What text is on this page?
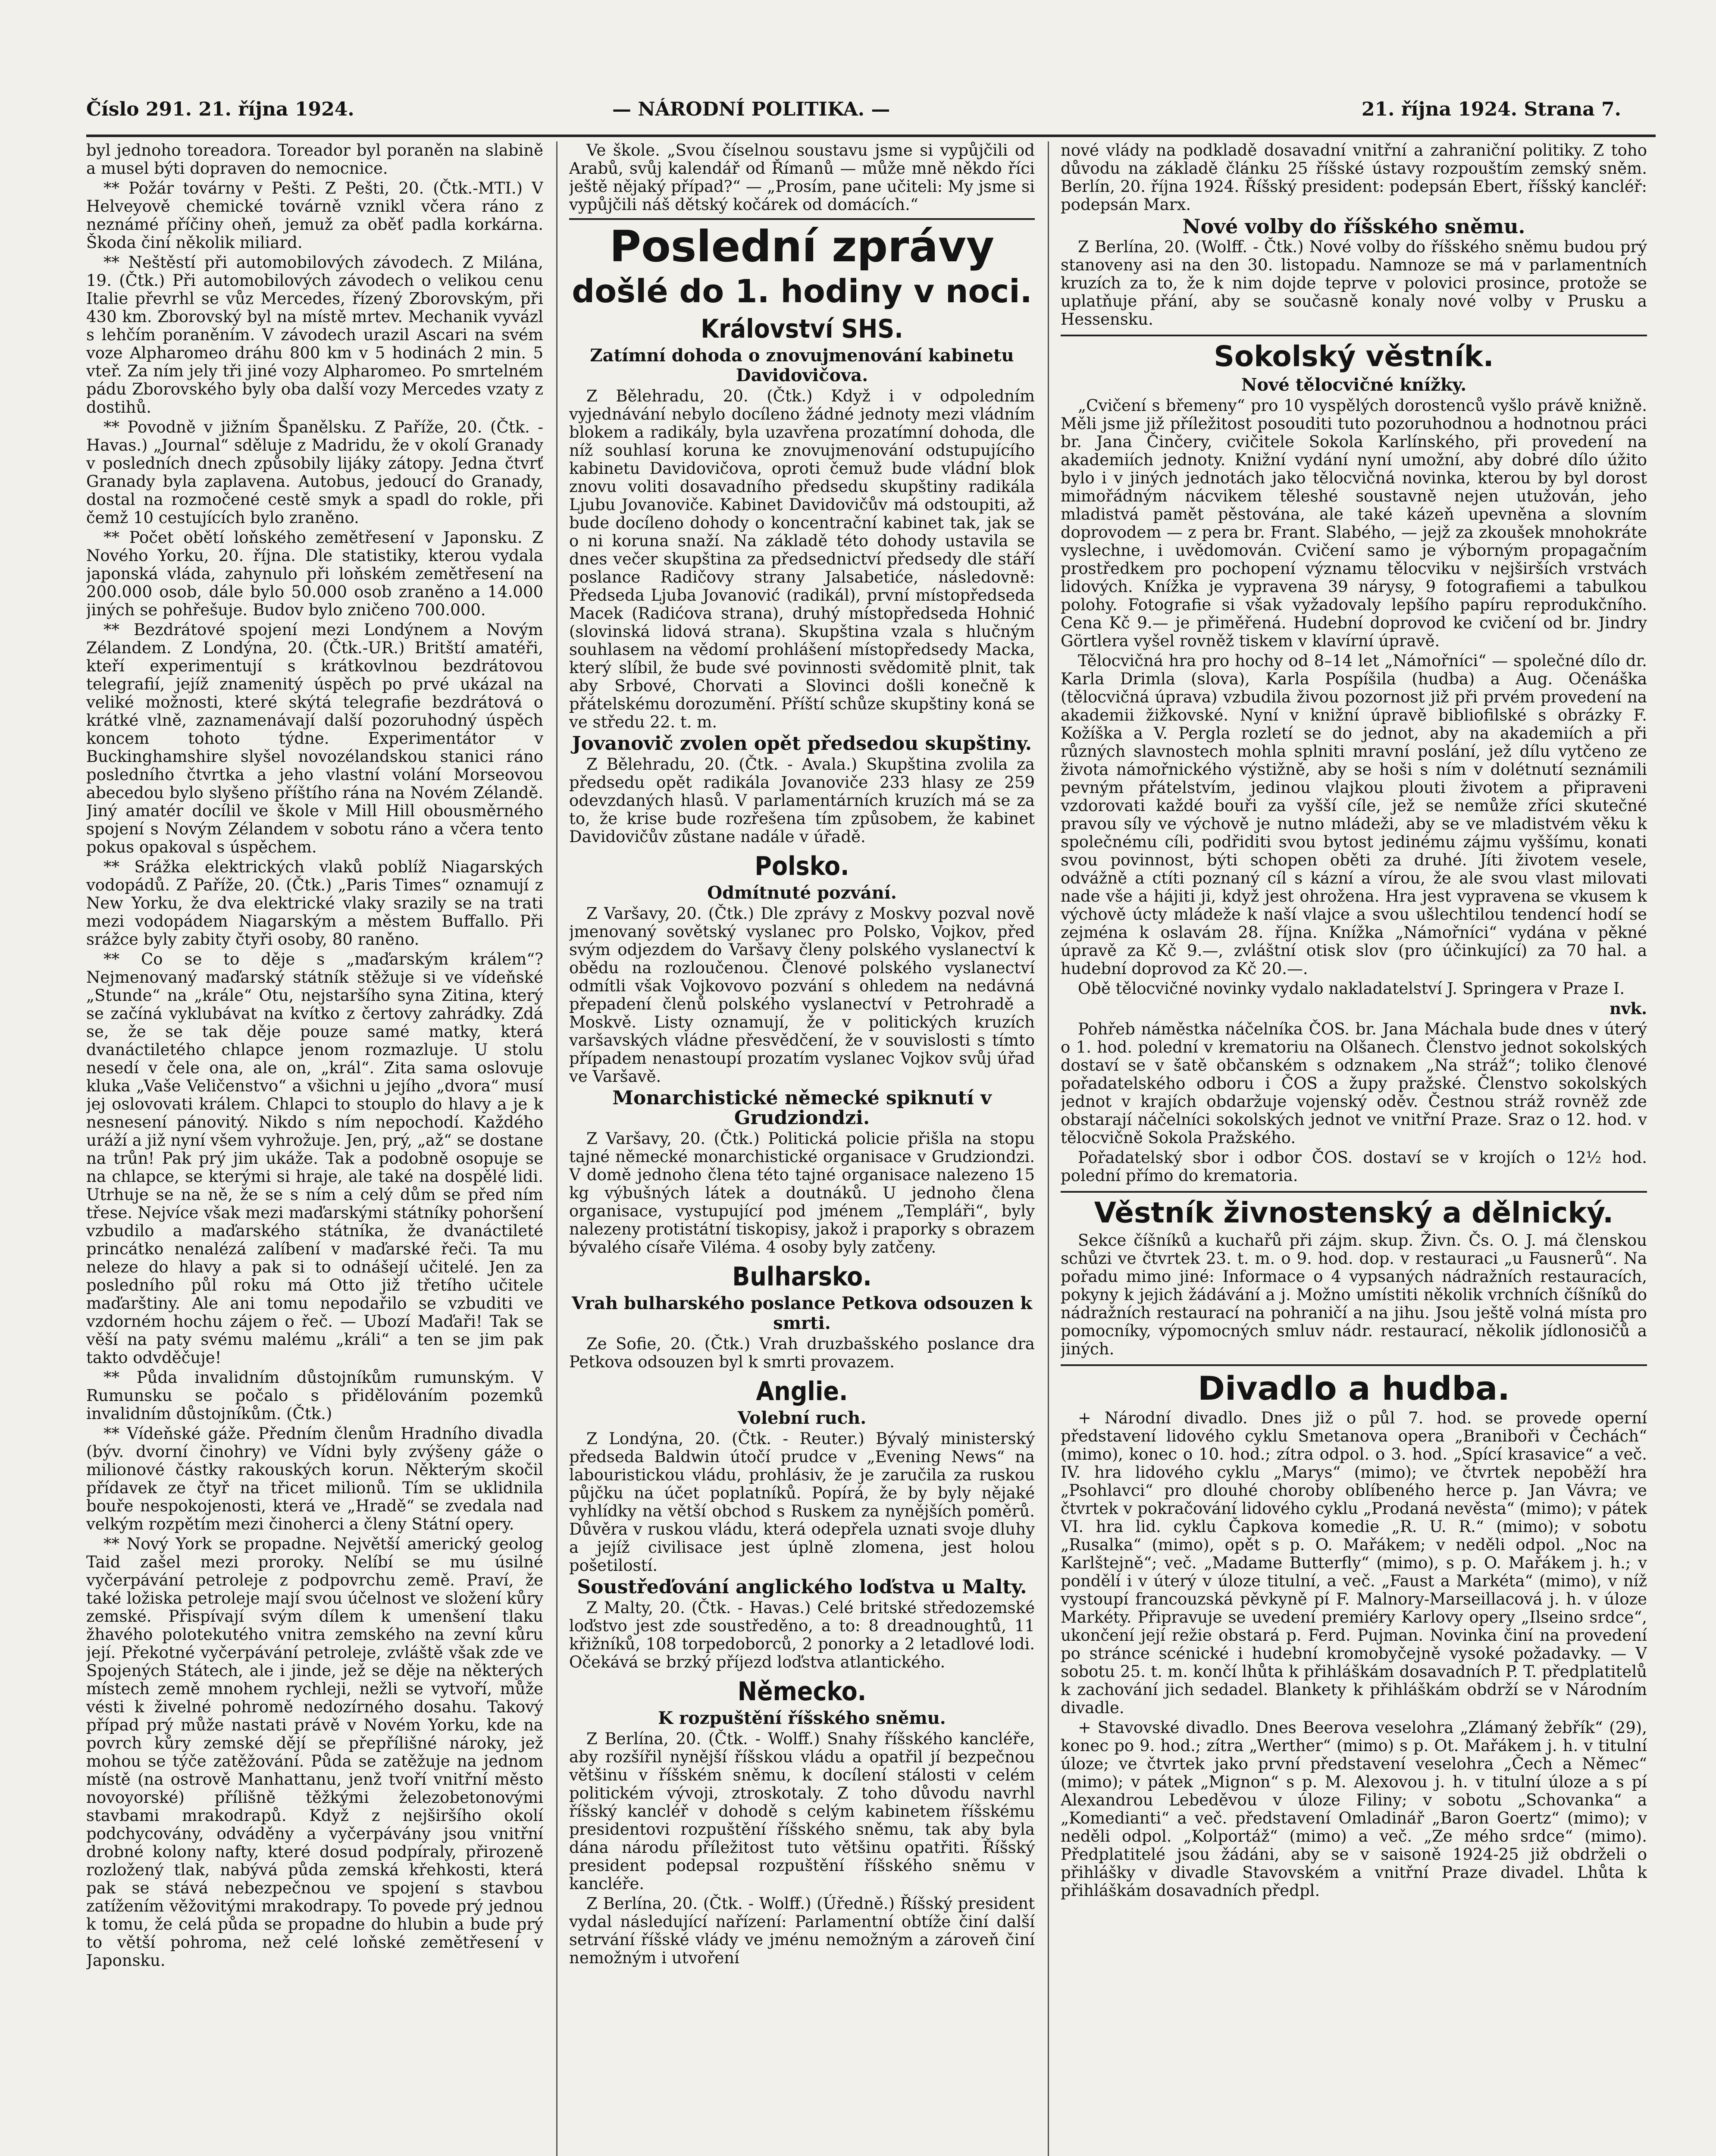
Číslo 291. 21. října 1924.	— NÁRODNÍ POLITIKA. —	21. října 1924. Strana 7.

byl jednoho toreadora. Toreador byl poraněn na slabině a musel býti dopraven do nemocnice.

** Požár továrny v Pešti. Z Pešti, 20. (Čtk.-MTI.) V Helveyově chemické továrně vznikl včera ráno z neznámé příčiny oheň, jemuž za oběť padla korkárna. Škoda činí několik miliard.

** Neštěstí při automobilových závodech. Z Milána, 19. (Čtk.) Při automobilových závodech o velikou cenu Italie převrhl se vůz Mercedes, řízený Zborovským, při 430 km. Zborovský byl na místě mrtev. Mechanik vyvázl s lehčím poraněním. V závodech urazil Ascari na svém voze Alpharomeo dráhu 800 km v 5 hodinách 2 min. 5 vteř. Za ním jely tři jiné vozy Alpharomeo. Po smrtelném pádu Zborovského byly oba další vozy Mercedes vzaty z dostihů.

** Povodně v jižním Španělsku. Z Paříže, 20. (Čtk. - Havas.) „Journal“ sděluje z Madridu, že v okolí Granady v posledních dnech způsobily lijáky zátopy. Jedna čtvrť Granady byla zaplavena. Autobus, jedoucí do Granady, dostal na rozmočené cestě smyk a spadl do rokle, při čemž 10 cestujících bylo zraněno.

** Počet obětí loňského zemětřesení v Japonsku. Z Nového Yorku, 20. října. Dle statistiky, kterou vydala japonská vláda, zahynulo při loňském zemětřesení na 200.000 osob, dále bylo 50.000 osob zraněno a 14.000 jiných se pohřešuje. Budov bylo zničeno 700.000.

** Bezdrátové spojení mezi Londýnem a Novým Zélandem. Z Londýna, 20. (Čtk.-UR.) Britští amatéři, kteří experimentují s krátkovlnou bezdrátovou telegrafií, jejíž znamenitý úspěch po prvé ukázal na veliké možnosti, které skýtá telegrafie bezdrátová o krátké vlně, zaznamenávají další pozoruhodný úspěch koncem tohoto týdne. Experimentátor v Buckinghamshire slyšel novozélandskou stanici ráno posledního čtvrtka a jeho vlastní volání Morseovou abecedou bylo slyšeno příštího rána na Novém Zélandě. Jiný amatér docílil ve škole v Mill Hill obousměrného spojení s Novým Zélandem v sobotu ráno a včera tento pokus opakoval s úspěchem.

** Srážka elektrických vlaků poblíž Niagarských vodopádů. Z Paříže, 20. (Čtk.) „Paris Times“ oznamují z New Yorku, že dva elektrické vlaky srazily se na trati mezi vodopádem Niagarským a městem Buffallo. Při srážce byly zabity čtyři osoby, 80 raněno.

** Co se to děje s „maďarským králem“? Nejmenovaný maďarský státník stěžuje si ve vídeňské „Stunde“ na „krále“ Otu, nejstaršího syna Zitina, který se začíná vyklubávat na kvítko z čertovy zahrádky. Zdá se, že se tak děje pouze samé matky, která dvanáctiletého chlapce jenom rozmazluje. U stolu nesedí v čele ona, ale on, „král“. Zita sama oslovuje kluka „Vaše Veličenstvo“ a všichni u jejího „dvora“ musí jej oslovovati králem. Chlapci to stouplo do hlavy a je k nesnesení pánovitý. Nikdo s ním nepochodí. Každého uráží a již nyní všem vyhrožuje. Jen, prý, „až“ se dostane na trůn! Pak prý jim ukáže. Tak a podobně osopuje se na chlapce, se kterými si hraje, ale také na dospělé lidi. Utrhuje se na ně, že se s ním a celý dům se před ním třese. Nejvíce však mezi maďarskými státníky pohoršení vzbudilo a maďarského státníka, že dvanáctileté princátko nenalézá zalíbení v maďarské řeči. Ta mu neleze do hlavy a pak si to odnášejí učitelé. Jen za posledního půl roku má Otto již třetího učitele maďarštiny. Ale ani tomu nepodařilo se vzbuditi ve vzdorném hochu zájem o řeč. — Ubozí Maďaři! Tak se věší na paty svému malému „králi“ a ten se jim pak takto odvděčuje!

** Půda invalidním důstojníkům rumunským. V Rumunsku se počalo s přidělováním pozemků invalidním důstojníkům. (Čtk.)

** Vídeňské gáže. Předním členům Hradního divadla (býv. dvorní činohry) ve Vídni byly zvýšeny gáže o milionové částky rakouských korun. Některým skočil přídavek ze čtyř na třicet milionů. Tím se uklidnila bouře nespokojenosti, která ve „Hradě“ se zvedala nad velkým rozpětím mezi činoherci a členy Státní opery.

** Nový York se propadne. Největší americký geolog Taid zašel mezi proroky. Nelíbí se mu úsilné vyčerpávání petroleje z podpovrchu země. Praví, že také ložiska petroleje mají svou účelnost ve složení kůry zemské. Přispívají svým dílem k umenšení tlaku žhavého polotekutého vnitra zemského na zevní kůru její. Překotné vyčerpávání petroleje, zvláště však zde ve Spojených Státech, ale i jinde, jež se děje na některých místech země mnohem rychleji, nežli se vytvoří, může vésti k živelné pohromě nedozírného dosahu. Takový případ prý může nastati právě v Novém Yorku, kde na povrch kůry zemské dějí se přepřílišné nároky, jež mohou se týče zatěžování. Půda se zatěžuje na jednom místě (na ostrově Manhattanu, jenž tvoří vnitřní město novoyorské) přílišně těžkými železobetonovými stavbami mrakodrapů. Když z nejširšího okolí podchycovány, odváděny a vyčerpávány jsou vnitřní drobné kolony nafty, které dosud podpíraly, přirozeně rozložený tlak, nabývá půda zemská křehkosti, která pak se stává nebezpečnou ve spojení s stavbou zatížením věžovitými mrakodrapy. To povede prý jednou k tomu, že celá půda se propadne do hlubin a bude prý to větší pohroma, než celé loňské zemětřesení v Japonsku.

Ve škole. „Svou číselnou soustavu jsme si vypůjčili od Arabů, svůj kalendář od Římanů — může mně někdo říci ještě nějaký případ?“ — „Prosím, pane učiteli: My jsme si vypůjčili náš dětský kočárek od domácích.“

Poslední zprávy
došlé do 1. hodiny v noci.
Království SHS.
Zatímní dohoda o znovujmenování kabinetu Davidovičova.

Z Bělehradu, 20. (Čtk.) Když i v odpoledním vyjednávání nebylo docíleno žádné jednoty mezi vládním blokem a radikály, byla uzavřena prozatímní dohoda, dle níž souhlasí koruna ke znovujmenování odstupujícího kabinetu Davidovičova, oproti čemuž bude vládní blok znovu voliti dosavadního předsedu skupštiny radikála Ljubu Jovanoviče. Kabinet Davidovičův má odstoupiti, až bude docíleno dohody o koncentrační kabinet tak, jak se o ni koruna snaží. Na základě této dohody ustavila se dnes večer skupština za předsednictví předsedy dle stáří poslance Radičovy strany Jalsabetiće, následovně: Předseda Ljuba Jovanović (radikál), první místopředseda Macek (Radićova strana), druhý místopředseda Hohnić (slovinská lidová strana). Skupština vzala s hlučným souhlasem na vědomí prohlášení místopředsedy Macka, který slíbil, že bude své povinnosti svědomitě plnit, tak aby Srbové, Chorvati a Slovinci došli konečně k přátelskému dorozumění. Příští schůze skupštiny koná se ve středu 22. t. m.

Jovanovič zvolen opět předsedou skupštiny.

Z Bělehradu, 20. (Čtk. - Avala.) Skupština zvolila za předsedu opět radikála Jovanoviče 233 hlasy ze 259 odevzdaných hlasů. V parlamentárních kruzích má se za to, že krise bude rozřešena tím způsobem, že kabinet Davidovičův zůstane nadále v úřadě.

Polsko.
Odmítnuté pozvání.

Z Varšavy, 20. (Čtk.) Dle zprávy z Moskvy pozval nově jmenovaný sovětský vyslanec pro Polsko, Vojkov, před svým odjezdem do Varšavy členy polského vyslanectví k obědu na rozloučenou. Členové polského vyslanectví odmítli však Vojkovovo pozvání s ohledem na nedávná přepadení členů polského vyslanectví v Petrohradě a Moskvě. Listy oznamují, že v politických kruzích varšavských vládne přesvědčení, že v souvislosti s tímto případem nenastoupí prozatím vyslanec Vojkov svůj úřad ve Varšavě.

Monarchistické německé spiknutí v Grudziondzi.

Z Varšavy, 20. (Čtk.) Politická policie přišla na stopu tajné německé monarchistické organisace v Grudziondzi. V domě jednoho člena této tajné organisace nalezeno 15 kg výbušných látek a doutnáků. U jednoho člena organisace, vystupující pod jménem „Templáři“, byly nalezeny protistátní tiskopisy, jakož i praporky s obrazem bývalého císaře Viléma. 4 osoby byly zatčeny.

Bulharsko.
Vrah bulharského poslance Petkova odsouzen k smrti.

Ze Sofie, 20. (Čtk.) Vrah druzbašského poslance dra Petkova odsouzen byl k smrti provazem.

Anglie.
Volební ruch.

Z Londýna, 20. (Čtk. - Reuter.) Bývalý ministerský předseda Baldwin útočí prudce v „Evening News“ na labouristickou vládu, prohlásiv, že je zaručila za ruskou půjčku na účet poplatníků. Popírá, že by byly nějaké vyhlídky na větší obchod s Ruskem za nynějších poměrů. Důvěra v ruskou vládu, která odepřela uznati svoje dluhy a jejíž civilisace jest úplně zlomena, jest holou pošetilostí.

Soustřeďování anglického loďstva u Malty.

Z Malty, 20. (Čtk. - Havas.) Celé britské středozemské loďstvo jest zde soustředěno, a to: 8 dreadnoughtů, 11 křižníků, 108 torpedoborců, 2 ponorky a 2 letadlové lodi. Očekává se brzký příjezd loďstva atlantického.

Německo.
K rozpuštění říšského sněmu.

Z Berlína, 20. (Čtk. - Wolff.) Snahy říšského kancléře, aby rozšířil nynější říšskou vládu a opatřil jí bezpečnou většinu v říšském sněmu, k docílení stálosti v celém politickém vývoji, ztroskotaly. Z toho důvodu navrhl říšský kancléř v dohodě s celým kabinetem říšskému presidentovi rozpuštění říšského sněmu, tak aby byla dána národu příležitost tuto většinu opatřiti. Říšský president podepsal rozpuštění říšského sněmu v kancléře.

Z Berlína, 20. (Čtk. - Wolff.) (Úředně.) Říšský president vydal následující nařízení: Parlamentní obtíže činí další setrvání říšské vlády ve jménu nemožným a zároveň činí nemožným i utvoření

nové vlády na podkladě dosavadní vnitřní a zahraniční politiky. Z toho důvodu na základě článku 25 říšské ústavy rozpouštím zemský sněm. Berlín, 20. října 1924. Říšský president: podepsán Ebert, říšský kancléř: podepsán Marx.

Nové volby do říšského sněmu.

Z Berlína, 20. (Wolff. - Čtk.) Nové volby do říšského sněmu budou prý stanoveny asi na den 30. listopadu. Namnoze se má v parlamentních kruzích za to, že k nim dojde teprve v polovici prosince, protože se uplatňuje přání, aby se současně konaly nové volby v Prusku a Hessensku.

Sokolský věstník.
Nové tělocvičné knížky.

„Cvičení s břemeny“ pro 10 vyspělých dorostenců vyšlo právě knižně. Měli jsme již příležitost posouditi tuto pozoruhodnou a hodnotnou práci br. Jana Činčery, cvičitele Sokola Karlínského, při provedení na akademiích jednoty. Knižní vydání nyní umožní, aby dobré dílo úžito bylo i v jiných jednotách jako tělocvičná novinka, kterou by byl dorost mimořádným nácvikem těleshé soustavně nejen utužován, jeho mladistvá pamět pěstována, ale také kázeň upevněna a slovním doprovodem — z pera br. Frant. Slabého, — jejž za zkoušek mnohokráte vyslechne, i uvědomován. Cvičení samo je výborným propagačním prostředkem pro pochopení významu tělocviku v nejširších vrstvách lidových. Knížka je vypravena 39 nárysy, 9 fotografiemi a tabulkou polohy. Fotografie si však vyžadovaly lepšího papíru reprodukčního. Cena Kč 9.— je přiměřená. Hudební doprovod ke cvičení od br. Jindry Görtlera vyšel rovněž tiskem v klavírní úpravě.

Tělocvičná hra pro hochy od 8–14 let „Námořníci“ — společné dílo dr. Karla Drimla (slova), Karla Pospíšila (hudba) a Aug. Očenáška (tělocvičná úprava) vzbudila živou pozornost již při prvém provedení na akademii žižkovské. Nyní v knižní úpravě bibliofilské s obrázky F. Kožíška a V. Pergla rozletí se do jednot, aby na akademiích a při různých slavnostech mohla splniti mravní poslání, jež dílu vytčeno ze života námořnického výstižně, aby se hoši s ním v dolétnutí seznámili pevným přátelstvím, jedinou vlajkou plouti životem a připraveni vzdorovati každé bouři za vyšší cíle, jež se nemůže zříci skutečné pravou síly ve výchově je nutno mládeži, aby se ve mladistvém věku k společnému cíli, podřiditi svou bytost jedinému zájmu vyššímu, konati svou povinnost, býti schopen oběti za druhé. Jíti životem vesele, odvážně a ctíti poznaný cíl s kázní a vírou, že ale svou vlast milovati nade vše a hájiti ji, když jest ohrožena. Hra jest vypravena se vkusem k výchově úcty mládeže k naší vlajce a svou ušlechtilou tendencí hodí se zejména k oslavám 28. října. Knížka „Námořníci“ vydána v pěkné úpravě za Kč 9.—, zvláštní otisk slov (pro účinkující) za 70 hal. a hudební doprovod za Kč 20.—.

Obě tělocvičné novinky vydalo nakladatelství J. Springera v Praze I.

nvk.

Pohřeb náměstka náčelníka ČOS. br. Jana Máchala bude dnes v úterý o 1. hod. polední v krematoriu na Olšanech. Členstvo jednot sokolských dostaví se v šatě občanském s odznakem „Na stráž“; toliko členové pořadatelského odboru i ČOS a župy pražské. Členstvo sokolských jednot v krajích obdaržuje vojenský oděv. Čestnou stráž rovněž zde obstarají náčelníci sokolských jednot ve vnitřní Praze. Sraz o 12. hod. v tělocvičně Sokola Pražského.

Pořadatelský sbor i odbor ČOS. dostaví se v krojích o 12½ hod. polední přímo do krematoria.

Věstník živnostenský a dělnický.

Sekce číšníků a kuchařů při zájm. skup. Živn. Čs. O. J. má členskou schůzi ve čtvrtek 23. t. m. o 9. hod. dop. v restauraci „u Fausnerů“. Na pořadu mimo jiné: Informace o 4 vypsaných nádražních restauracích, pokyny k jejich žádávání a j. Možno umístiti několik vrchních číšníků do nádražních restaurací na pohraničí a na jihu. Jsou ještě volná místa pro pomocníky, výpomocných smluv nádr. restaurací, několik jídlonosičů a jiných.

Divadlo a hudba.

+ Národní divadlo. Dnes již o půl 7. hod. se provede operní představení lidového cyklu Smetanova opera „Braniboři v Čechách“ (mimo), konec o 10. hod.; zítra odpol. o 3. hod. „Spící krasavice“ a več. IV. hra lidového cyklu „Marys“ (mimo); ve čtvrtek nepoběží hra „Psohlavci“ pro dlouhé choroby oblíbeného herce p. Jan Vávra; ve čtvrtek v pokračování lidového cyklu „Prodaná nevěsta“ (mimo); v pátek VI. hra lid. cyklu Čapkova komedie „R. U. R.“ (mimo); v sobotu „Rusalka“ (mimo), opět s p. O. Mařákem; v neděli odpol. „Noc na Karlštejně“; več. „Madame Butterfly“ (mimo), s p. O. Mařákem j. h.; v pondělí i v úterý v úloze titulní, a več. „Faust a Markéta“ (mimo), v níž vystoupí francouzská pěvkyně pí F. Malnory-Marseillacová j. h. v úloze Markéty. Připravuje se uvedení premiéry Karlovy opery „Ilseino srdce“, ukončení její režie obstará p. Ferd. Pujman. Novinka činí na provedení po stránce scénické i hudební kromobyčejně vysoké požadavky. — V sobotu 25. t. m. končí lhůta k přihláškám dosavadních P. T. předplatitelů k zachování jich sedadel. Blankety k přihláškám obdrží se v Národním divadle.

+ Stavovské divadlo. Dnes Beerova veselohra „Zlámaný žebřík“ (29), konec po 9. hod.; zítra „Werther“ (mimo) s p. Ot. Mařákem j. h. v titulní úloze; ve čtvrtek jako první představení veselohra „Čech a Němec“ (mimo); v pátek „Mignon“ s p. M. Alexovou j. h. v titulní úloze a s pí Alexandrou Lebeděvou v úloze Filiny; v sobotu „Schovanka“ a „Komedianti“ a več. představení Omladinář „Baron Goertz“ (mimo); v neděli odpol. „Kolportáž“ (mimo) a več. „Ze mého srdce“ (mimo). Předplatitelé jsou žádáni, aby se v saisoně 1924-25 již obdrželi o přihlášky v divadle Stavovském a vnitřní Praze divadel. Lhůta k přihláškám dosavadních předpl.
